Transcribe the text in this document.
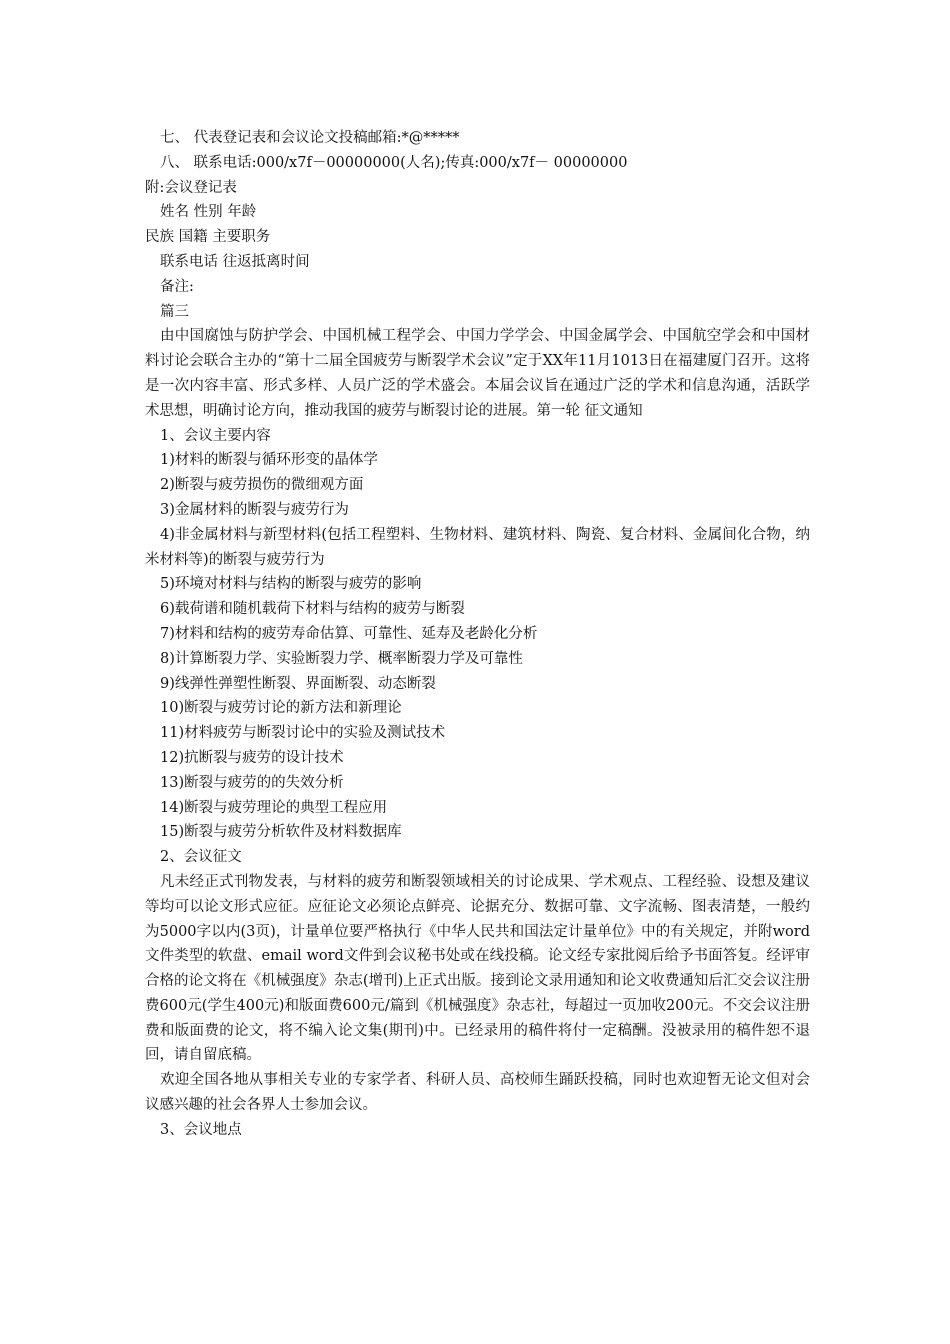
七、 代表登记表和会议论文投稿邮箱:*@*****
八、 联系电话:000/x7f－00000000(人名);传真:000/x7f－ 00000000
附:会议登记表
姓名 性别 年龄
民族 国籍 主要职务
联系电话 往返抵离时间
备注:
篇三
由中国腐蚀与防护学会、中国机械工程学会、中国力学学会、中国金属学会、中国航空学会和中国材料讨论会联合主办的“第十二届全国疲劳与断裂学术会议”定于XX年11月1013日在福建厦门召开。这将是一次内容丰富、形式多样、人员广泛的学术盛会。本届会议旨在通过广泛的学术和信息沟通，活跃学术思想，明确讨论方向，推动我国的疲劳与断裂讨论的进展。第一轮 征文通知
1、会议主要内容
1)材料的断裂与循环形变的晶体学
2)断裂与疲劳损伤的微细观方面
3)金属材料的断裂与疲劳行为
4)非金属材料与新型材料(包括工程塑料、生物材料、建筑材料、陶瓷、复合材料、金属间化合物，纳米材料等)的断裂与疲劳行为
5)环境对材料与结构的断裂与疲劳的影响
6)载荷谱和随机载荷下材料与结构的疲劳与断裂
7)材料和结构的疲劳寿命估算、可靠性、延寿及老龄化分析
8)计算断裂力学、实验断裂力学、概率断裂力学及可靠性
9)线弹性弹塑性断裂、界面断裂、动态断裂
10)断裂与疲劳讨论的新方法和新理论
11)材料疲劳与断裂讨论中的实验及测试技术
12)抗断裂与疲劳的设计技术
13)断裂与疲劳的的失效分析
14)断裂与疲劳理论的典型工程应用
15)断裂与疲劳分析软件及材料数据库
2、会议征文
凡未经正式刊物发表，与材料的疲劳和断裂领域相关的讨论成果、学术观点、工程经验、设想及建议等均可以论文形式应征。应征论文必须论点鲜亮、论据充分、数据可靠、文字流畅、图表清楚，一般约为5000字以内(3页)，计量单位要严格执行《中华人民共和国法定计量单位》中的有关规定，并附word文件类型的软盘、email word文件到会议秘书处或在线投稿。论文经专家批阅后给予书面答复。经评审合格的论文将在《机械强度》杂志(增刊)上正式出版。接到论文录用通知和论文收费通知后汇交会议注册费600元(学生400元)和版面费600元/篇到《机械强度》杂志社，每超过一页加收200元。不交会议注册费和版面费的论文，将不编入论文集(期刊)中。已经录用的稿件将付一定稿酬。没被录用的稿件恕不退回，请自留底稿。
欢迎全国各地从事相关专业的专家学者、科研人员、高校师生踊跃投稿，同时也欢迎暂无论文但对会议感兴趣的社会各界人士参加会议。
3、会议地点
